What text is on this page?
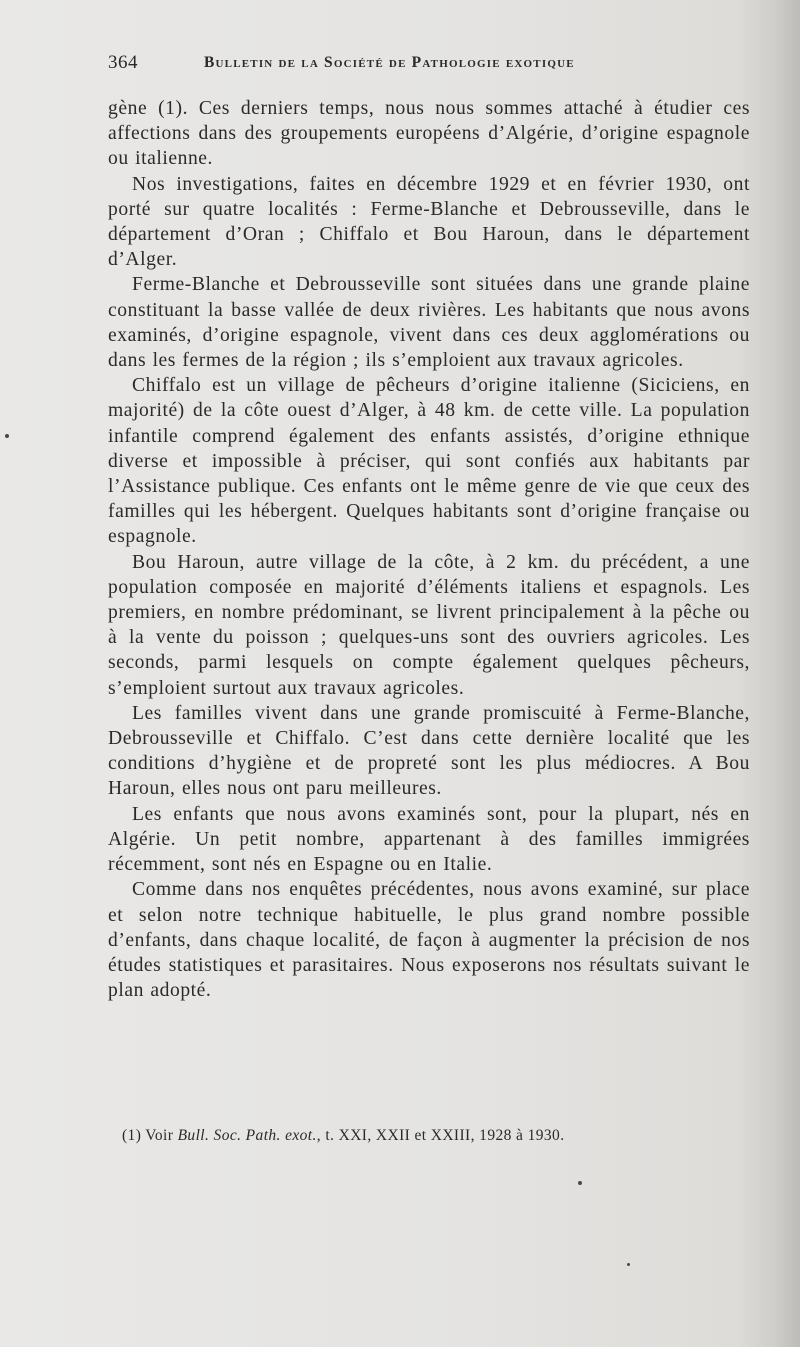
364	Bulletin de la Société de Pathologie exotique

gène (1). Ces derniers temps, nous nous sommes attaché à étudier ces affections dans des groupements européens d’Algérie, d’origine espagnole ou italienne.

Nos investigations, faites en décembre 1929 et en février 1930, ont porté sur quatre localités : Ferme-Blanche et Debrousseville, dans le département d’Oran ; Chiffalo et Bou Haroun, dans le département d’Alger.

Ferme-Blanche et Debrousseville sont situées dans une grande plaine constituant la basse vallée de deux rivières. Les habitants que nous avons examinés, d’origine espagnole, vivent dans ces deux agglomérations ou dans les fermes de la région ; ils s’emploient aux travaux agricoles.

Chiffalo est un village de pêcheurs d’origine italienne (Siciciens, en majorité) de la côte ouest d’Alger, à 48 km. de cette ville. La population infantile comprend également des enfants assistés, d’origine ethnique diverse et impossible à préciser, qui sont confiés aux habitants par l’Assistance publique. Ces enfants ont le même genre de vie que ceux des familles qui les hébergent. Quelques habitants sont d’origine française ou espagnole.

Bou Haroun, autre village de la côte, à 2 km. du précédent, a une population composée en majorité d’éléments italiens et espagnols. Les premiers, en nombre prédominant, se livrent principalement à la pêche ou à la vente du poisson ; quelques-uns sont des ouvriers agricoles. Les seconds, parmi lesquels on compte également quelques pêcheurs, s’emploient surtout aux travaux agricoles.

Les familles vivent dans une grande promiscuité à Ferme-Blanche, Debrousseville et Chiffalo. C’est dans cette dernière localité que les conditions d’hygiène et de propreté sont les plus médiocres. A Bou Haroun, elles nous ont paru meilleures.

Les enfants que nous avons examinés sont, pour la plupart, nés en Algérie. Un petit nombre, appartenant à des familles immigrées récemment, sont nés en Espagne ou en Italie.

Comme dans nos enquêtes précédentes, nous avons examiné, sur place et selon notre technique habituelle, le plus grand nombre possible d’enfants, dans chaque localité, de façon à augmenter la précision de nos études statistiques et parasitaires. Nous exposerons nos résultats suivant le plan adopté.

(1) Voir Bull. Soc. Path. exot., t. XXI, XXII et XXIII, 1928 à 1930.
